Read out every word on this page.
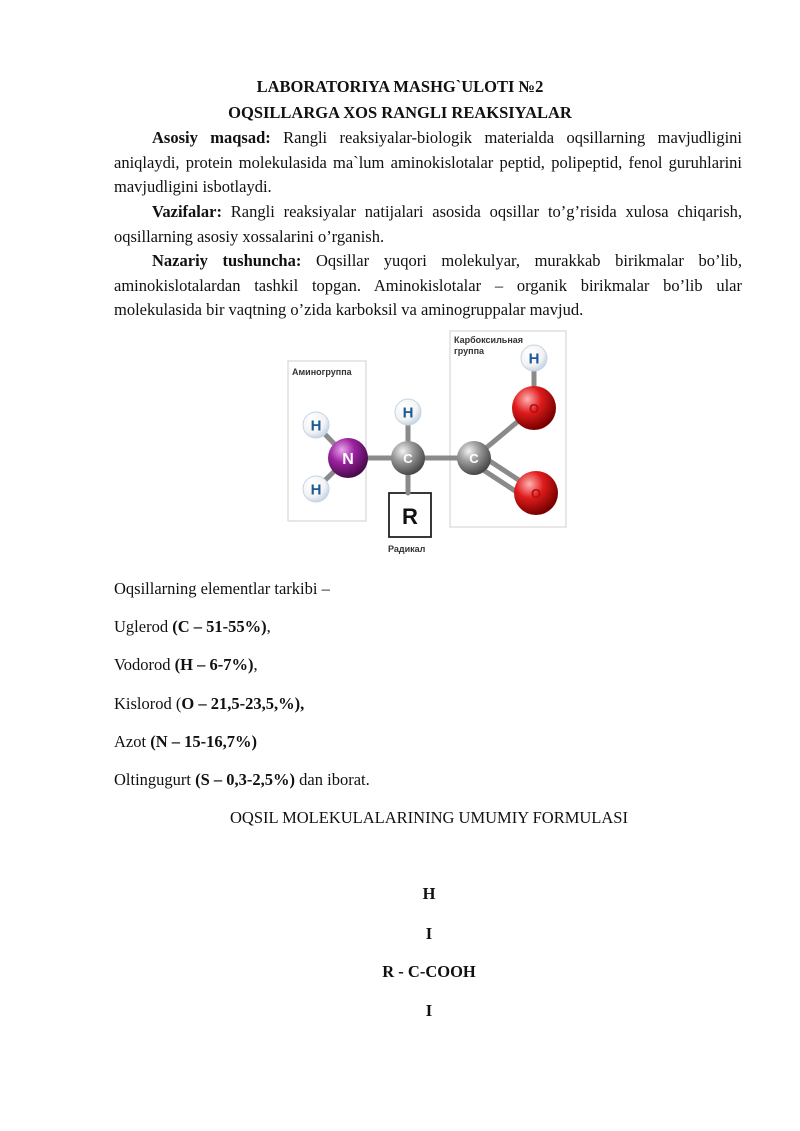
LABORATORIYA MASHG`ULOTI №2
OQSILLARGA XOS RANGLI REAKSIYALAR

Asosiy maqsad: Rangli reaksiyalar-biologik materialda oqsillarning mavjudligini aniqlaydi, protein molekulasida ma`lum aminokislotalar peptid, polipeptid, fenol guruhlarini mavjudligini isbotlaydi.

Vazifalar: Rangli reaksiyalar natijalari asosida oqsillar to’g’risida xulosa chiqarish, oqsillarning asosiy xossalarini o’rganish.

Nazariy tushuncha: Oqsillar yuqori molekulyar, murakkab birikmalar bo’lib, aminokislotalardan tashkil topgan. Aminokislotalar – organik birikmalar bo’lib ular molekulasida bir vaqtning o’zida karboksil va aminogruppalar mavjud.

Аминогруппа
Карбоксильная
группа
Радикал
H
H
H
H
N	C	C
O
O
R
Oqsillarning elementlar tarkibi –
Uglerod (C – 51-55%),
Vodorod (H – 6-7%),
Kislorod (O – 21,5-23,5,%),
Azot (N – 15-16,7%)
Oltingugurt (S – 0,3-2,5%) dan iborat.
OQSIL MOLEKULALARINING UMUMIY FORMULASI
H
I
R - C-COOH
I
